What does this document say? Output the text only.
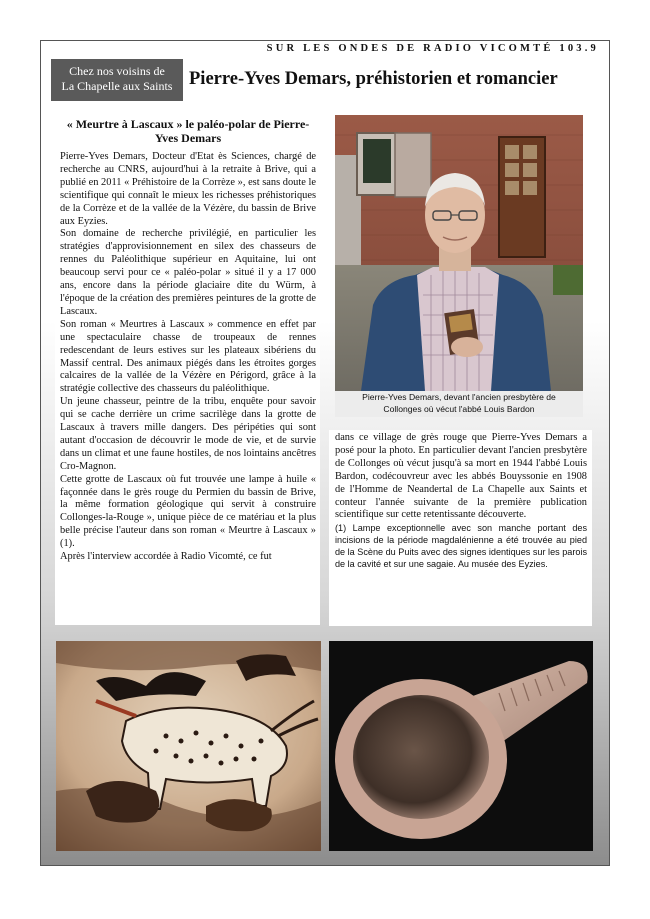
SUR LES ONDES DE RADIO VICOMTÉ 103.9
Chez nos voisins de
La Chapelle aux Saints Pierre-Yves Demars, préhistorien et romancier
« Meurtre à Lascaux » le paléo-polar de Pierre-Yves Demars

Pierre-Yves Demars, Docteur d'Etat ès Sciences, chargé de recherche au CNRS, aujourd'hui à la retraite à Brive, qui a publié en 2011 « Préhistoire de la Corrèze », est sans doute le scientifique qui connaît le mieux les richesses préhistoriques de la Corrèze et de la vallée de la Vézère, du bassin de Brive aux Eyzies.

Son domaine de recherche privilégié, en particulier les stratégies d'approvisionnement en silex des chasseurs de rennes du Paléolithique supérieur en Aquitaine, lui ont beaucoup servi pour ce « paléo-polar » situé il y a 17 000 ans, encore dans la période glaciaire dite du Würm, à l'époque de la création des premières peintures de la grotte de Lascaux.

Son roman « Meurtres à Lascaux » commence en effet par une spectaculaire chasse de troupeaux de rennes redescendant de leurs estives sur les plateaux sibériens du Massif central. Des animaux piégés dans les étroites gorges calcaires de la vallée de la Vézère en Périgord, grâce à la stratégie collective des chasseurs du paléolithique.

Un jeune chasseur, peintre de la tribu, enquête pour savoir qui se cache derrière un crime sacrilège dans la grotte de Lascaux à travers mille dangers. Des péripéties qui sont autant d'occasion de découvrir le mode de vie, et de survie dans un climat et une faune hostiles, de nos lointains ancêtres Cro-Magnon.

Cette grotte de Lascaux où fut trouvée une lampe à huile « façonnée dans le grès rouge du Permien du bassin de Brive, la même formation géologique qui servit à construire Collonges-la-Rouge », unique pièce de ce matériau et la plus belle précise l'auteur dans son roman « Meurtre à Lascaux » (1).

Après l'interview accordée à Radio Vicomté, ce fut

Pierre-Yves Demars, devant l'ancien presbytère de
Collonges où vécut l'abbé Louis Bardon

dans ce village de grès rouge que Pierre-Yves Demars a posé pour la photo. En particulier devant l'ancien presbytère de Collonges où vécut jusqu'à sa mort en 1944 l'abbé Louis Bardon, codécouvreur avec les abbés Bouyssonie en 1908 de l'Homme de Neandertal de La Chapelle aux Saints et conteur l'année suivante de la première publication scientifique sur cette retentissante découverte.

(1) Lampe exceptionnelle avec son manche portant des incisions de la période magdalénienne a été trouvée au pied de la Scène du Puits avec des signes identiques sur les parois de la cavité et sur une sagaie. Au musée des Eyzies.
